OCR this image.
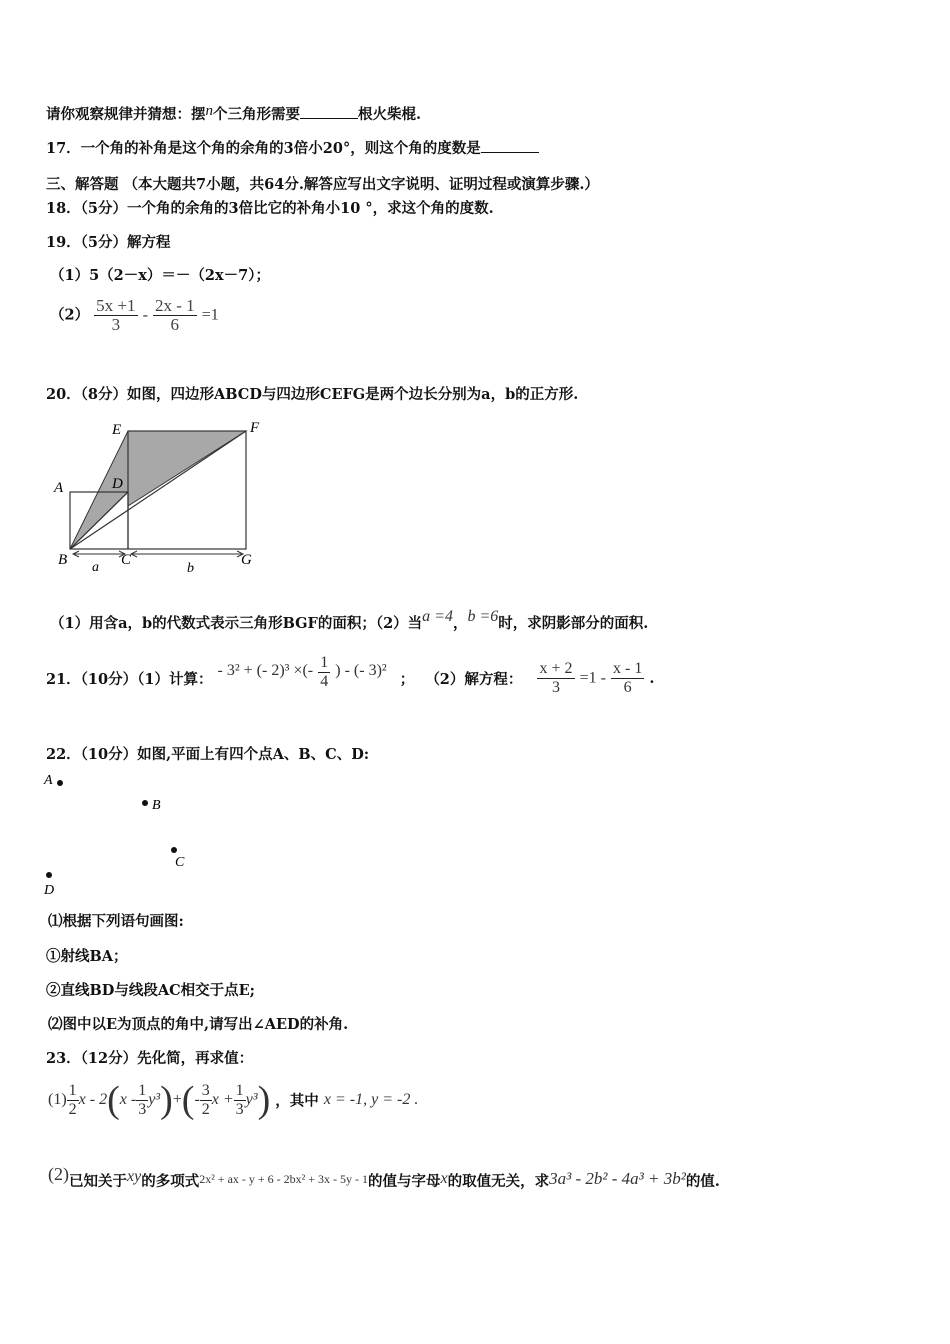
请你观察规律并猜想：摆n个三角形需要	根火柴棍.
17．一个角的补角是这个角的余角的3倍小20°，则这个角的度数是
三、解答题 （本大题共7小题，共64分.解答应写出文字说明、证明过程或演算步骤.）
18．（5分）一个角的余角的3倍比它的补角小10 °，求这个角的度数.
19．（5分）解方程
（1）5（2－x）＝－（2x－7）；
$(2) \frac{5x +1}{3} - \frac{2x - 1}{6} =1$
20．（8分）如图，四边形ABCD与四边形CEFG是两个边长分别为a，b的正方形.
E	F
A	D
B	C	G
a	b
（1）用含a，b的代数式表示三角形BGF的面积；（2）当a =4，b =6时，求阴影部分的面积.
21．（10分）（1）计算： - 3² + (- 2)³ ×(- $\frac{1}{4}$ ) - (- 3)² ； （2）解方程： $\frac{x + 2}{3} =1 - \frac{x - 1}{6}$ .
22．（10分）如图,平面上有四个点A、B、C、D:
A
B
C
D
⑴根据下列语句画图:
①射线BA；
②直线BD与线段AC相交于点E;
⑵图中以E为顶点的角中,请写出∠AED的补角.
23．（12分）先化简，再求值：
$(1) \frac{1}{2}$ $x - 2(x - \frac{1}{3} y^3)+(- \frac{3}{2}$ $x + \frac{1}{3} y^3$) ，其中 x = -1, y = -2 .
(2)已知关于xy的多项式$^{2x^2 + ax - y + 6 - 2bx^2 + 3x - 5y - 1}$的值与字母x的取值无关，求3a³ - 2b² - 4a³ + 3b²的值.
